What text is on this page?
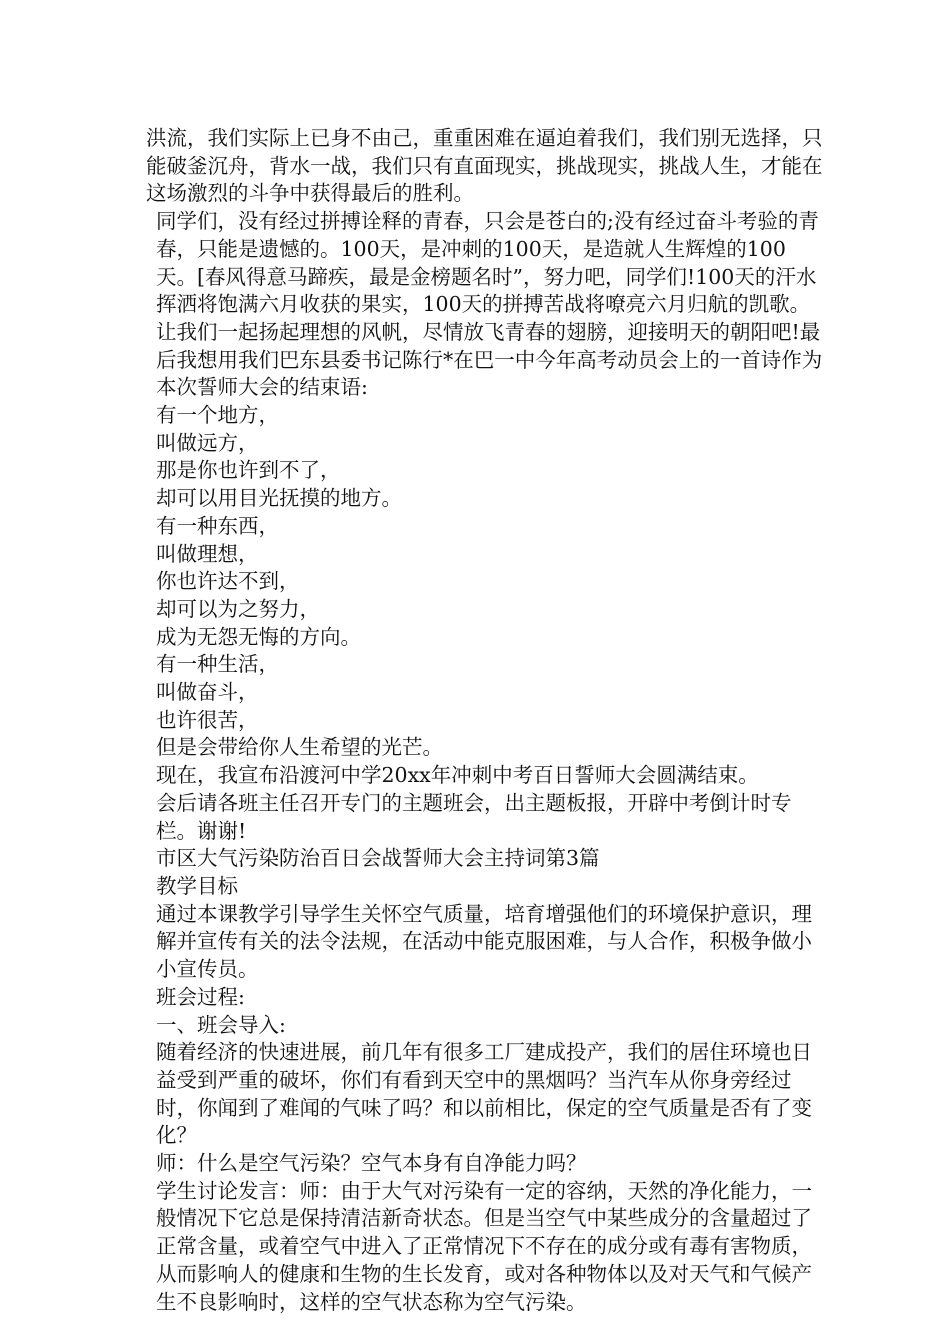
洪流，我们实际上已身不由己，重重困难在逼迫着我们，我们别无选择，只能破釜沉舟，背水一战，我们只有直面现实，挑战现实，挑战人生，才能在这场激烈的斗争中获得最后的胜利。

同学们，没有经过拼搏诠释的青春，只会是苍白的;没有经过奋斗考验的青春，只能是遗憾的。100天，是冲刺的100天，是造就人生辉煌的100天。[春风得意马蹄疾，最是金榜题名时”，努力吧，同学们!100天的汗水挥洒将饱满六月收获的果实，100天的拼搏苦战将嘹亮六月归航的凯歌。让我们一起扬起理想的风帆，尽情放飞青春的翅膀，迎接明天的朝阳吧!最后我想用我们巴东县委书记陈行*在巴一中今年高考动员会上的一首诗作为本次誓师大会的结束语:

有一个地方，

叫做远方，

那是你也许到不了，

却可以用目光抚摸的地方。

有一种东西，

叫做理想，

你也许达不到，

却可以为之努力，

成为无怨无悔的方向。

有一种生活，

叫做奋斗，

也许很苦，

但是会带给你人生希望的光芒。

现在，我宣布沿渡河中学20xx年冲刺中考百日誓师大会圆满结束。

会后请各班主任召开专门的主题班会，出主题板报，开辟中考倒计时专栏。谢谢!

市区大气污染防治百日会战誓师大会主持词第3篇

教学目标

通过本课教学引导学生关怀空气质量，培育增强他们的环境保护意识，理解并宣传有关的法令法规，在活动中能克服困难，与人合作，积极争做小小宣传员。

班会过程:

一、班会导入:

随着经济的快速进展，前几年有很多工厂建成投产，我们的居住环境也日益受到严重的破坏，你们有看到天空中的黑烟吗？当汽车从你身旁经过时，你闻到了难闻的气味了吗？和以前相比，保定的空气质量是否有了变化？

师：什么是空气污染？空气本身有自净能力吗？

学生讨论发言：师：由于大气对污染有一定的容纳，天然的净化能力，一般情况下它总是保持清洁新奇状态。但是当空气中某些成分的含量超过了正常含量，或着空气中进入了正常情况下不存在的成分或有毒有害物质，从而影响人的健康和生物的生长发育，或对各种物体以及对天气和气候产生不良影响时，这样的空气状态称为空气污染。
